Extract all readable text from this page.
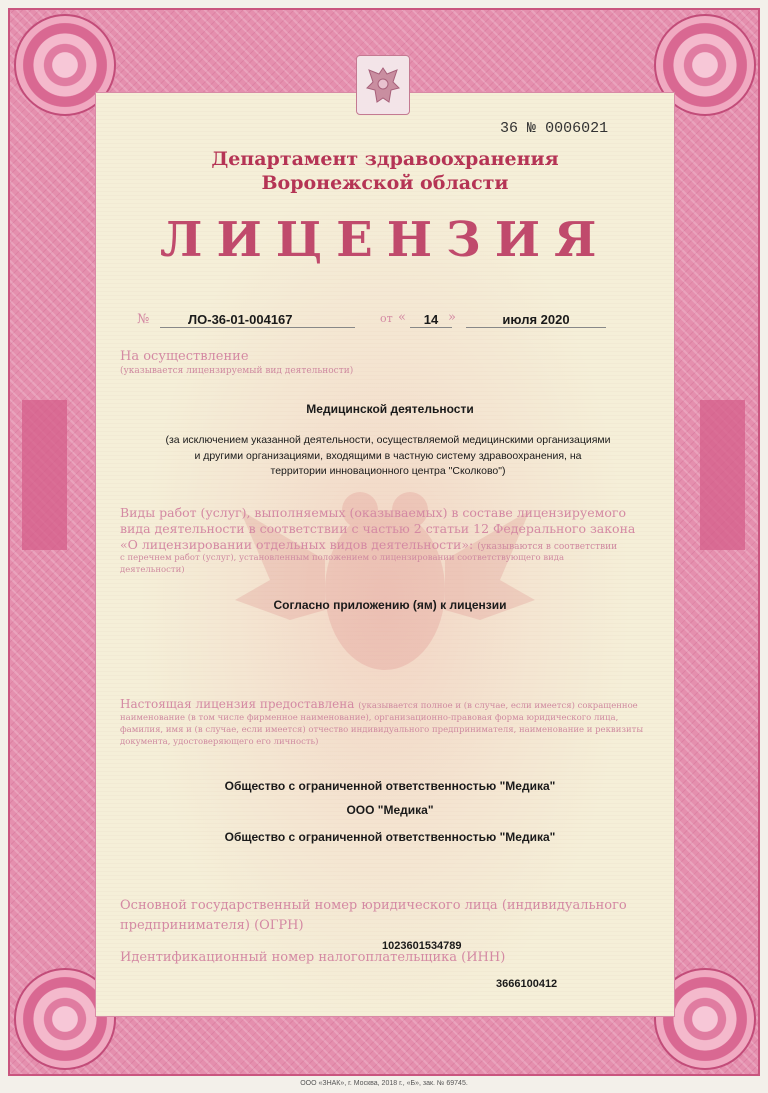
36 № 0006021

Департамент здравоохранения

Воронежской области

ЛИЦЕНЗИЯ

№	ЛО-36-01-004167	от «	14 »	июля 2020

На осуществление

(указывается лицензируемый вид деятельности)

Медицинской деятельности

(за исключением указанной деятельности, осуществляемой медицинскими организациями

и другими организациями, входящими в частную систему здравоохранения, на

территории инновационного центра "Сколково")

Виды работ (услуг), выполняемых (оказываемых) в составе лицензируемого

вида деятельности в соответствии с частью 2 статьи 12 Федерального закона

«О лицензировании отдельных видов деятельности»: (указываются в соответствии

с перечнем работ (услуг), установленным положением о лицензировании соответствующего вида

деятельности)

Согласно приложению (ям) к лицензии

Настоящая лицензия предоставлена (указывается полное и (в случае, если имеется) сокращенное

наименование (в том числе фирменное наименование), организационно-правовая форма юридического лица,

фамилия, имя и (в случае, если имеется) отчество индивидуального предпринимателя, наименование и реквизиты

документа, удостоверяющего его личность)

Общество с ограниченной ответственностью "Медика"

ООО "Медика"

Общество с ограниченной ответственностью "Медика"

Основной государственный номер юридического лица (индивидуального

предпринимателя) (ОГРН)

1023601534789

Идентификационный номер налогоплательщика (ИНН)

3666100412

ООО «ЗНАК», г. Москва, 2018 г., «Б», зак. № 69745.
